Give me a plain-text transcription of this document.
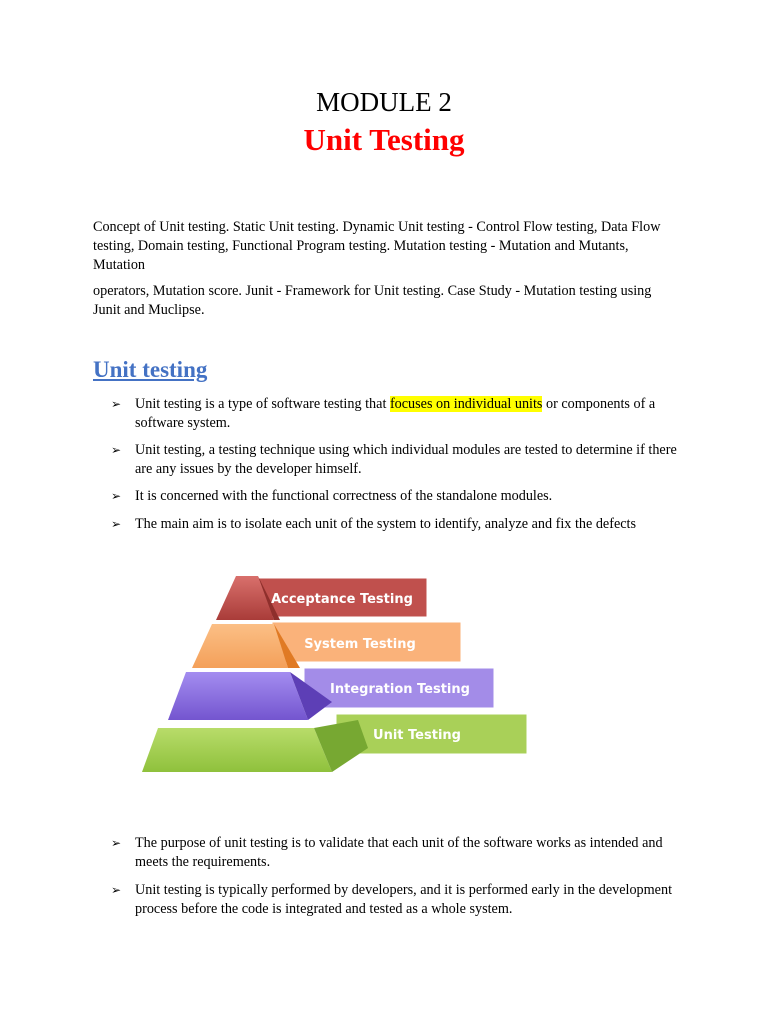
MODULE 2
Unit Testing

Concept of Unit testing. Static Unit testing. Dynamic Unit testing - Control Flow testing, Data Flow testing, Domain testing, Functional Program testing. Mutation testing - Mutation and Mutants, Mutation

operators, Mutation score. Junit - Framework for Unit testing. Case Study - Mutation testing using Junit and Muclipse.

Unit testing
➢ Unit testing is a type of software testing that focuses on individual units or components of a software system.
➢ Unit testing, a testing technique using which individual modules are tested to determine if there are any issues by the developer himself.
➢ It is concerned with the functional correctness of the standalone modules.
➢ The main aim is to isolate each unit of the system to identify, analyze and fix the defects
Acceptance Testing
System Testing
Integration Testing
Unit Testing
➢ The purpose of unit testing is to validate that each unit of the software works as intended and meets the requirements.
➢ Unit testing is typically performed by developers, and it is performed early in the development process before the code is integrated and tested as a whole system.
